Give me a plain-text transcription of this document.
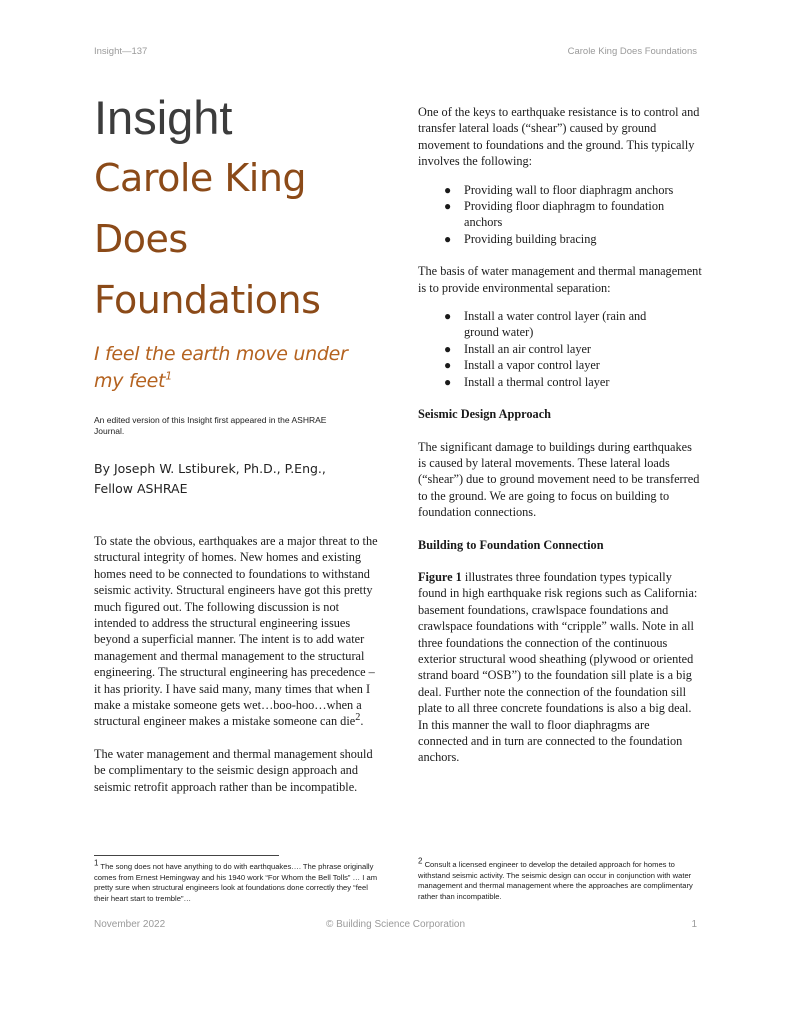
Insight—137	Carole King Does Foundations
Insight
Carole King
Does
Foundations

I feel the earth move under
my feet$^1$

An edited version of this Insight first appeared in the ASHRAE Journal.
By Joseph W. Lstiburek, Ph.D., P.Eng.,
Fellow ASHRAE

To state the obvious, earthquakes are a major threat to the structural integrity of homes. New homes and existing homes need to be connected to foundations to withstand seismic activity. Structural engineers have got this pretty much figured out. The following discussion is not intended to address the structural engineering issues beyond a superficial manner. The intent is to add water management and thermal management to the structural engineering. The structural engineering has precedence – it has priority. I have said many, many times that when I make a mistake someone gets wet…boo-hoo…when a structural engineer makes a mistake someone can die$^2$.

The water management and thermal management should be complimentary to the seismic design approach and seismic retrofit approach rather than be incompatible.

One of the keys to earthquake resistance is to control and transfer lateral loads (“shear”) caused by ground movement to foundations and the ground. This typically involves the following:

● Providing wall to floor diaphragm anchors
● Providing floor diaphragm to foundation anchors
● Providing building bracing

The basis of water management and thermal management is to provide environmental separation:

● Install a water control layer (rain and ground water)
● Install an air control layer
● Install a vapor control layer
● Install a thermal control layer
Seismic Design Approach

The significant damage to buildings during earthquakes is caused by lateral movements. These lateral loads (“shear”) due to ground movement need to be transferred to the ground. We are going to focus on building to foundation connections.

Building to Foundation Connection

Figure 1 illustrates three foundation types typically found in high earthquake risk regions such as California: basement foundations, crawlspace foundations and crawlspace foundations with “cripple” walls. Note in all three foundations the connection of the continuous exterior structural wood sheathing (plywood or oriented strand board “OSB”) to the foundation sill plate is a big deal. Further note the connection of the foundation sill plate to all three concrete foundations is also a big deal. In this manner the wall to floor diaphragms are connected and in turn are connected to the foundation anchors.

$^1$ The song does not have anything to do with earthquakes…. The phrase originally comes from Ernest Hemingway and his 1940 work “For Whom the Bell Tolls” … I am pretty sure when structural engineers look at foundations done correctly they “feel their heart start to tremble”…
$^2$ Consult a licensed engineer to develop the detailed approach for homes to withstand seismic activity. The seismic design can occur in conjunction with water management and thermal management where the approaches are complimentary rather than incompatible.
November 2022	© Building Science Corporation	1
